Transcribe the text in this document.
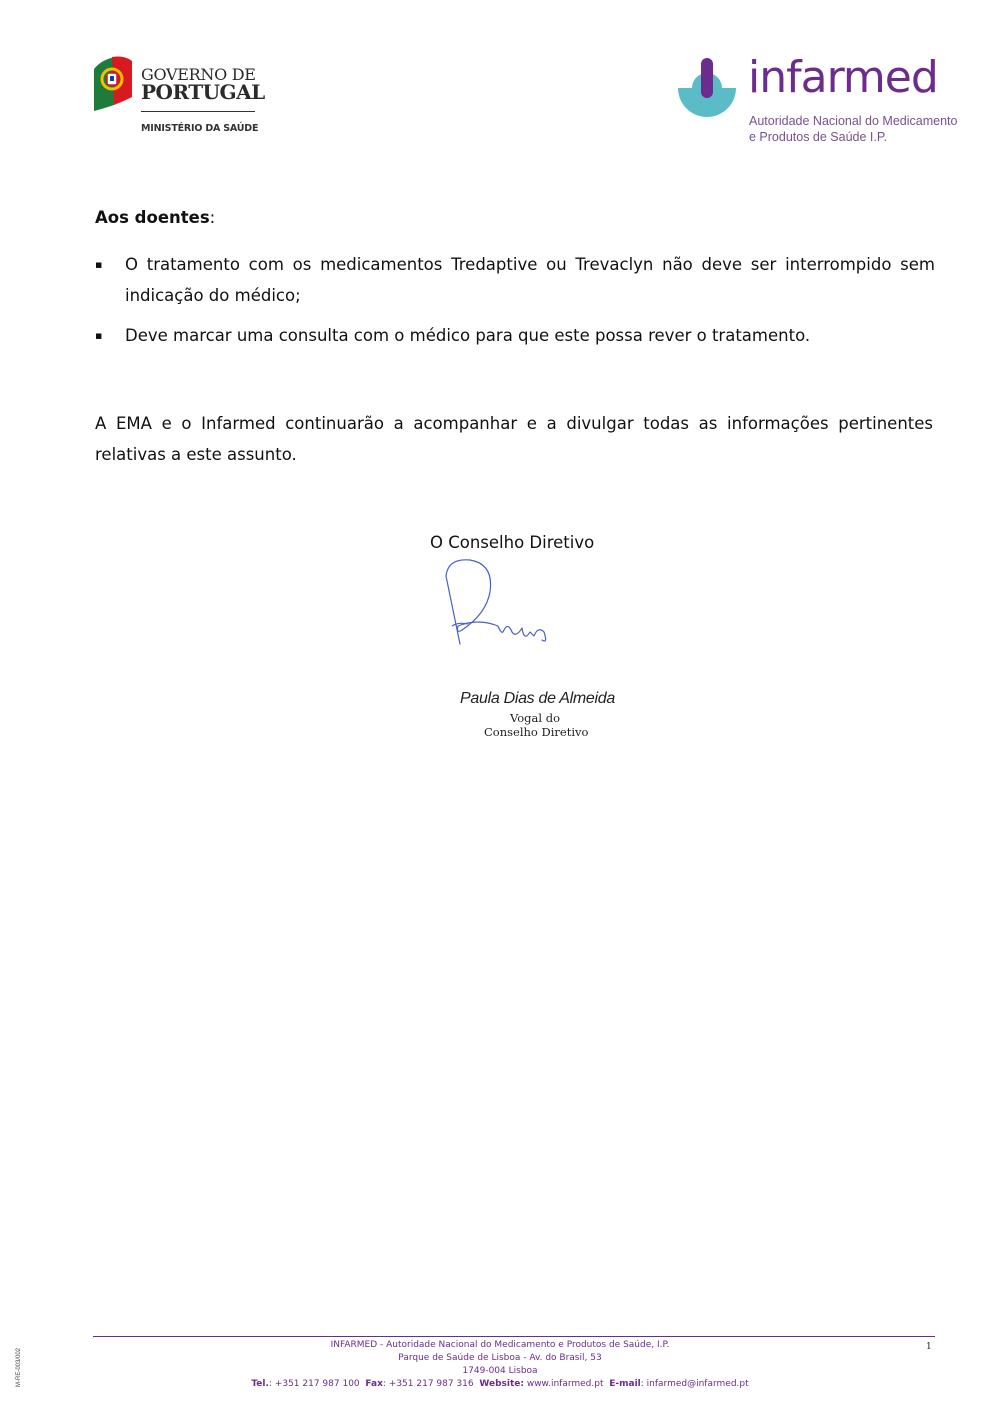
GOVERNO DE
PORTUGAL
MINISTÉRIO DA SAÚDE
infarmed
Autoridade Nacional do Medicamento
e Produtos de Saúde I.P.
Aos doentes:
▪ O tratamento com os medicamentos Tredaptive ou Trevaclyn não deve ser interrompido sem indicação do médico;
▪ Deve marcar uma consulta com o médico para que este possa rever o tratamento.
A EMA e o Infarmed continuarão a acompanhar e a divulgar todas as informações pertinentes relativas a este assunto.
O Conselho Diretivo
Paula Dias de Almeida
Vogal do
Conselho Diretivo
INFARMED - Autoridade Nacional do Medicamento e Produtos de Saúde, I.P.
Parque de Saúde de Lisboa - Av. do Brasil, 53
1749-004 Lisboa
Tel.: +351 217 987 100 Fax: +351 217 987 316 Website: www.infarmed.pt E-mail: infarmed@infarmed.pt
1
M-RE-003/002
